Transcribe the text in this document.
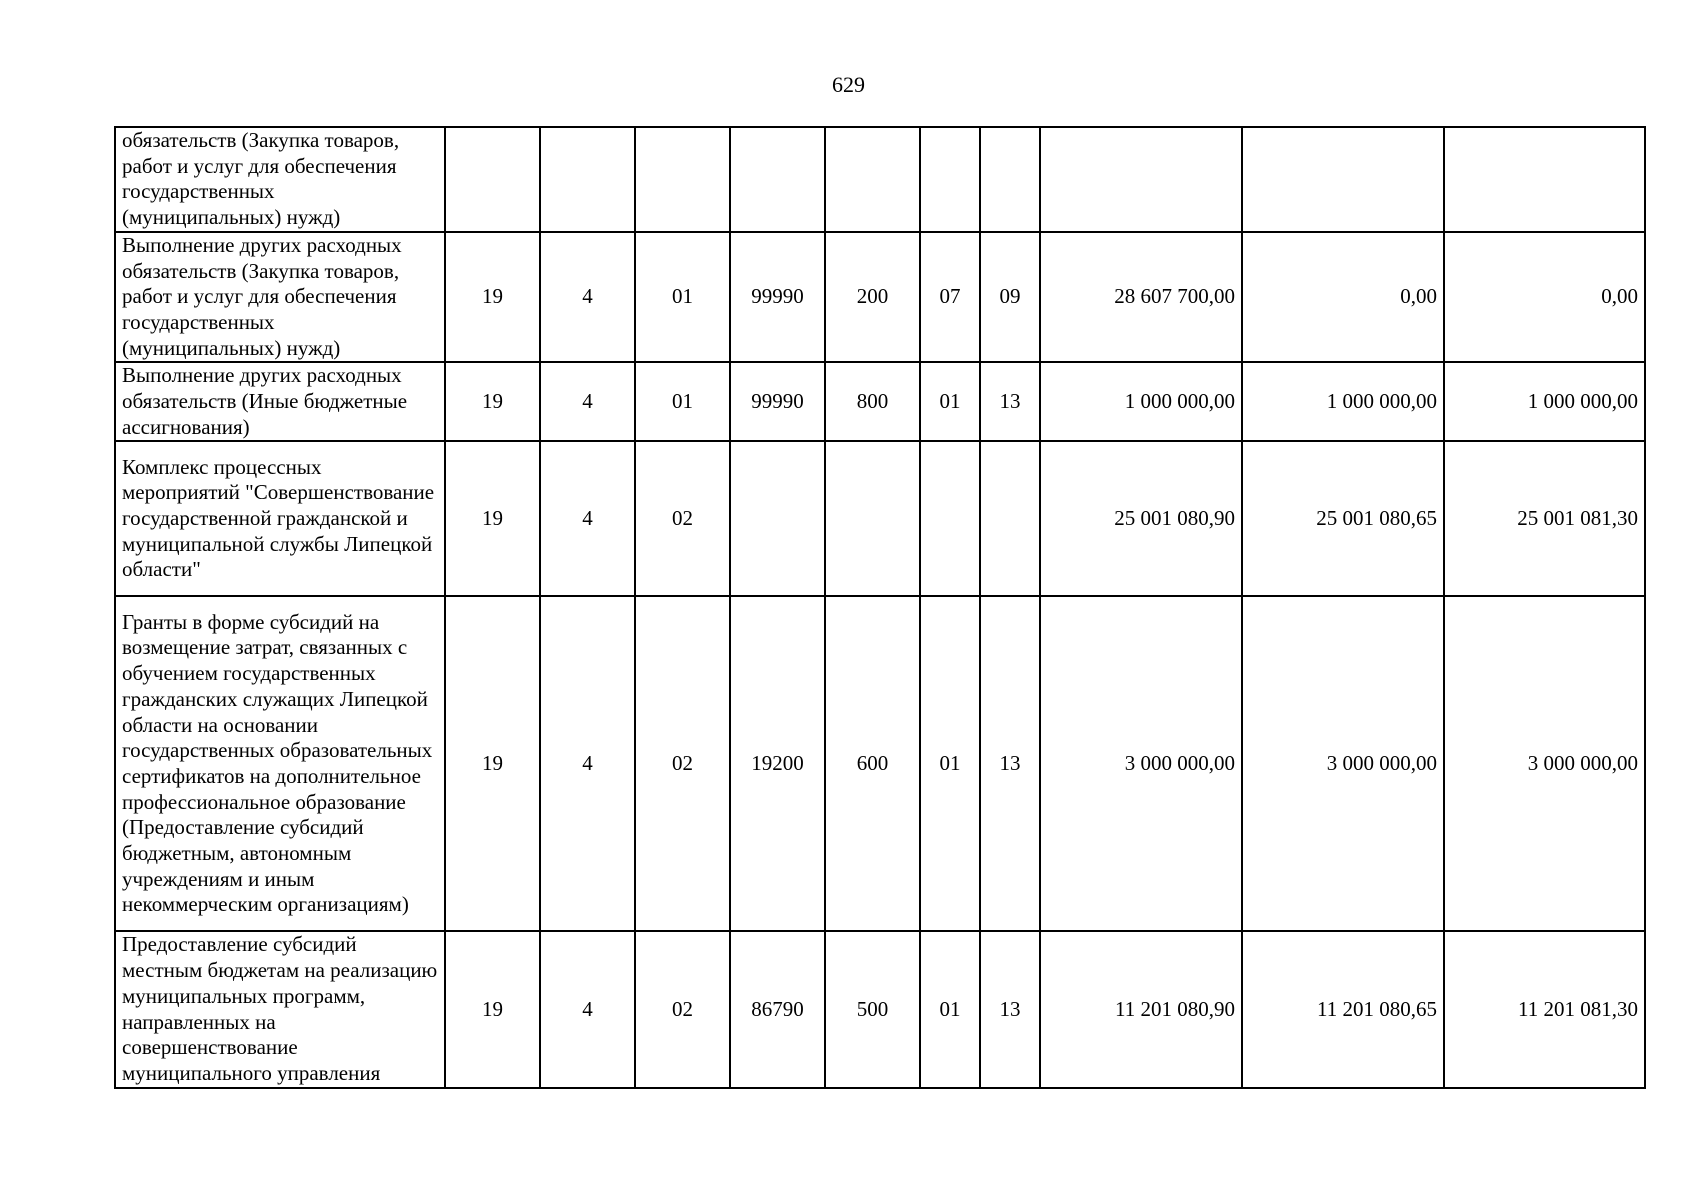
629
обязательств (Закупка товаров, работ и услуг для обеспечения государственных (муниципальных) нужд)										
Выполнение других расходных обязательств (Закупка товаров, работ и услуг для обеспечения государственных (муниципальных) нужд)	19	4	01	99990	200	07	09	28 607 700,00	0,00	0,00
Выполнение других расходных обязательств (Иные бюджетные ассигнования)	19	4	01	99990	800	01	13	1 000 000,00	1 000 000,00	1 000 000,00
Комплекс процессных мероприятий "Совершенствование государственной гражданской и муниципальной службы Липецкой области"	19	4	02					25 001 080,90	25 001 080,65	25 001 081,30
Гранты в форме субсидий на возмещение затрат, связанных с обучением государственных гражданских служащих Липецкой области на основании государственных образовательных сертификатов на дополнительное профессиональное образование (Предоставление субсидий бюджетным, автономным учреждениям и иным некоммерческим организациям)	19	4	02	19200	600	01	13	3 000 000,00	3 000 000,00	3 000 000,00
Предоставление субсидий местным бюджетам на реализацию муниципальных программ, направленных на совершенствование муниципального управления	19	4	02	86790	500	01	13	11 201 080,90	11 201 080,65	11 201 081,30
